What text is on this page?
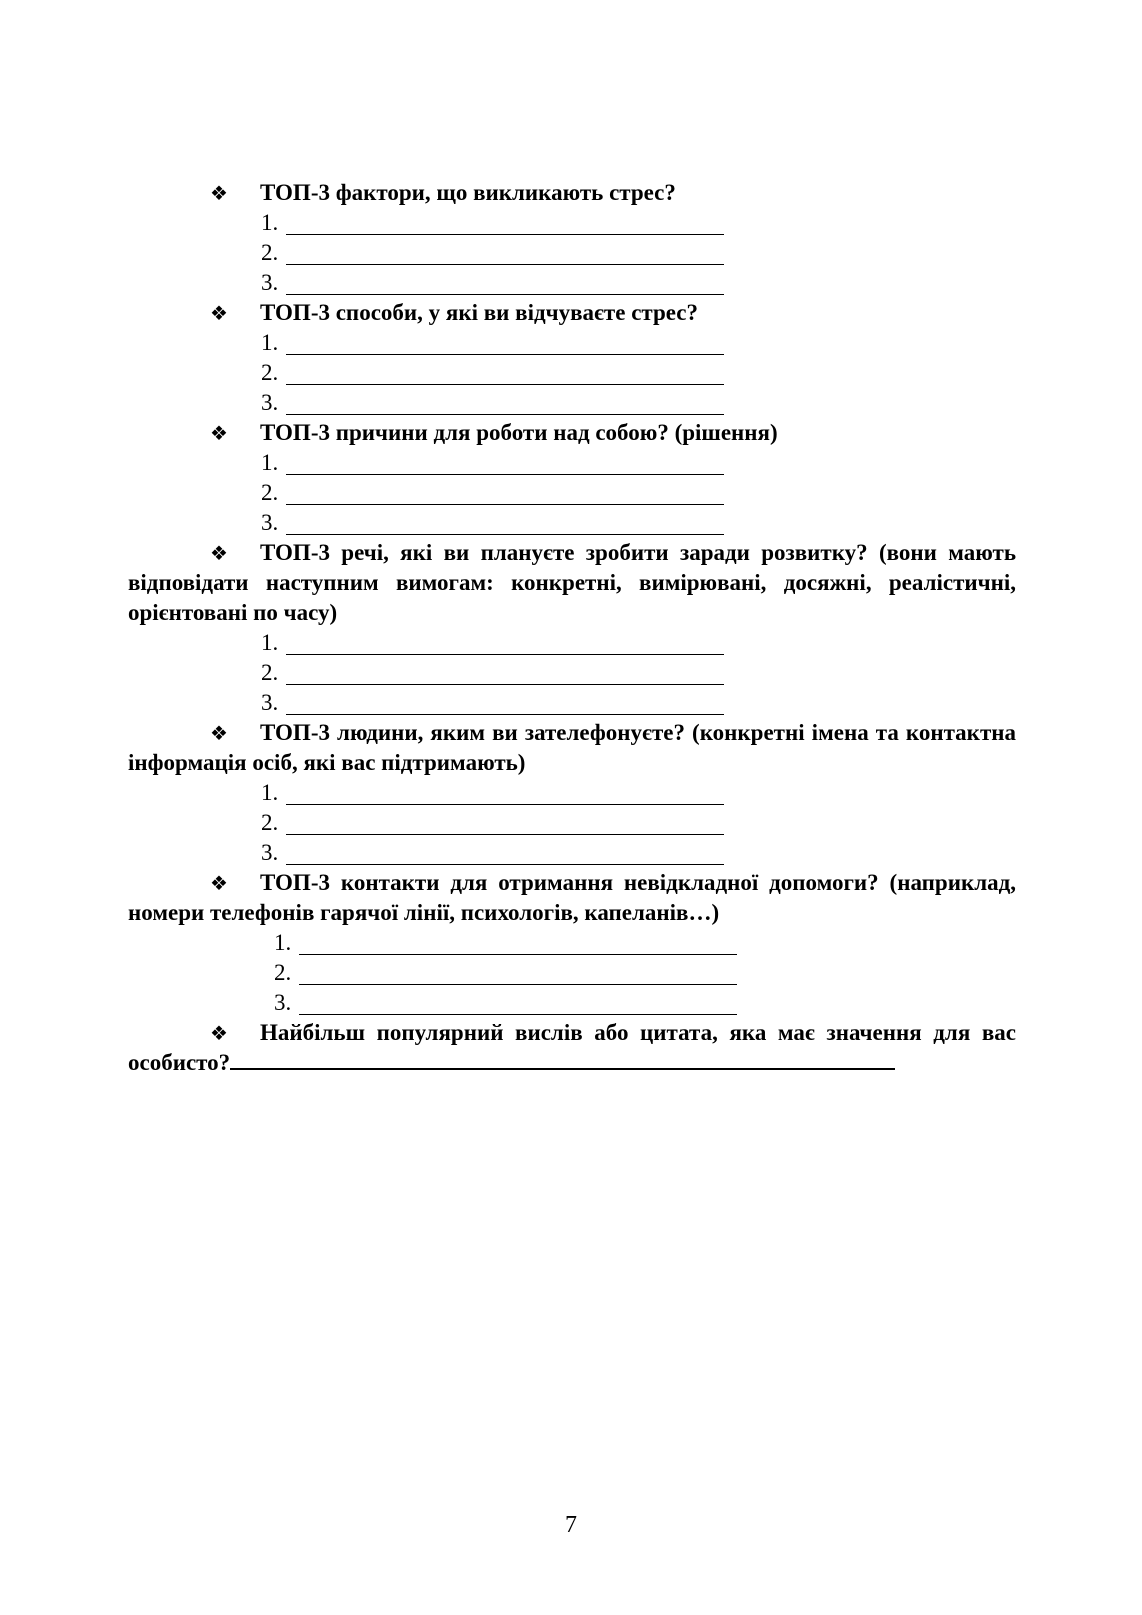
❖ ТОП-3 фактори, що викликають стрес?

1.
2.
3.

❖ ТОП-3 способи, у які ви відчуваєте стрес?

1.
2.
3.

❖ ТОП-3 причини для роботи над собою? (рішення)

1.
2.
3.

❖ ТОП-3 речі, які ви плануєте зробити заради розвитку? (вони мають відповідати наступним вимогам: конкретні, вимірювані, досяжні, реалістичні, орієнтовані по часу)

1.
2.
3.

❖ ТОП-3 людини, яким ви зателефонуєте? (конкретні імена та контактна інформація осіб, які вас підтримають)

1.
2.
3.

❖ ТОП-3 контакти для отримання невідкладної допомоги? (наприклад, номери телефонів гарячої лінії, психологів, капеланів…)

1.
2.
3.

❖ Найбільш популярний вислів або цитата, яка має значення для вас особисто?

7
